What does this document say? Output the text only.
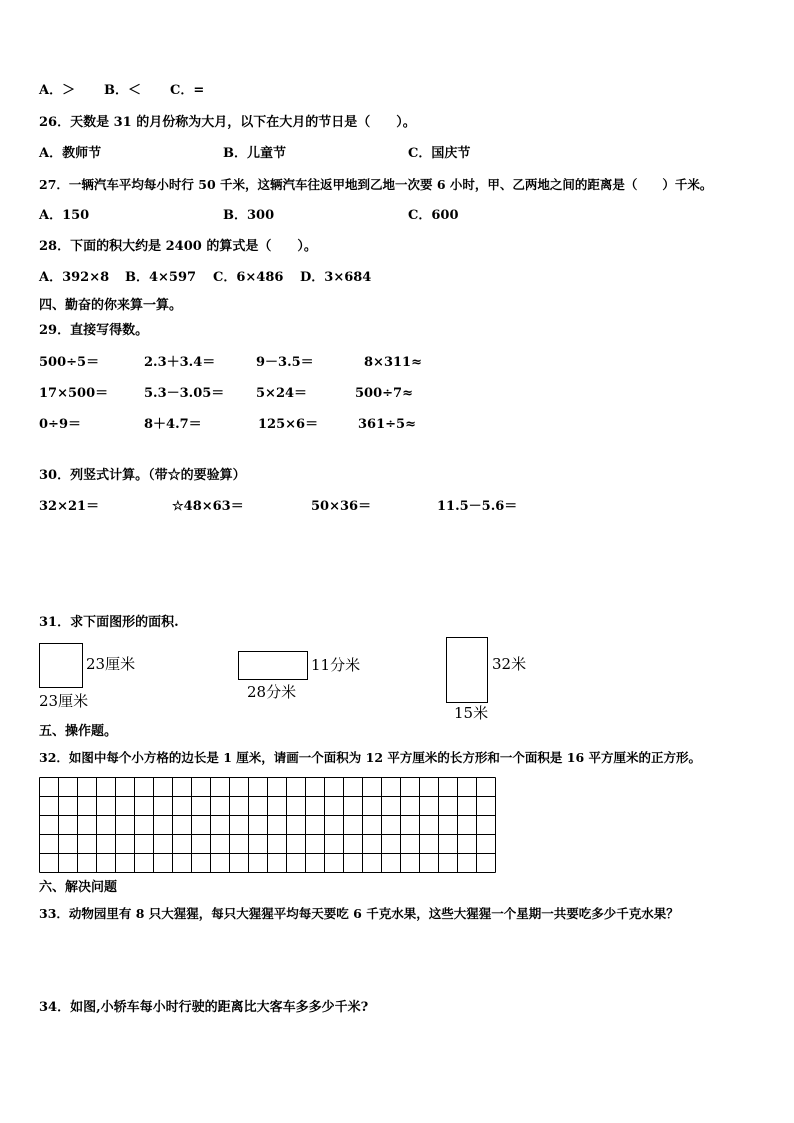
A．＞ B．＜ C．=
26．天数是 31 的月份称为大月，以下在大月的节日是（　　）。
A．教师节	B．儿童节	C．国庆节
27．一辆汽车平均每小时行 50 千米，这辆汽车往返甲地到乙地一次要 6 小时，甲、乙两地之间的距离是（　　）千米。
A．150	B．300	C．600
28．下面的积大约是 2400 的算式是（　　）。
A．392×8 B．4×597 C．6×486 D．3×684
四、勤奋的你来算一算。
29．直接写得数。
500÷5＝	2.3＋3.4＝	9－3.5＝	8×311≈
17×500＝	5.3－3.05＝ 5×24＝	500÷7≈
0÷9＝	8＋4.7＝	125×6＝	361÷5≈
30．列竖式计算。（带☆的要验算）
32×21＝	☆48×63＝	50×36＝	11.5－5.6＝
31．求下面图形的面积.
23厘米
23厘米
11分米
28分米
32米
15米
五、操作题。
32．如图中每个小方格的边长是 1 厘米，请画一个面积为 12 平方厘米的长方形和一个面积是 16 平方厘米的正方形。
六、解决问题
33．动物园里有 8 只大猩猩，每只大猩猩平均每天要吃 6 千克水果，这些大猩猩一个星期一共要吃多少千克水果？
34．如图,小轿车每小时行驶的距离比大客车多多少千米?
